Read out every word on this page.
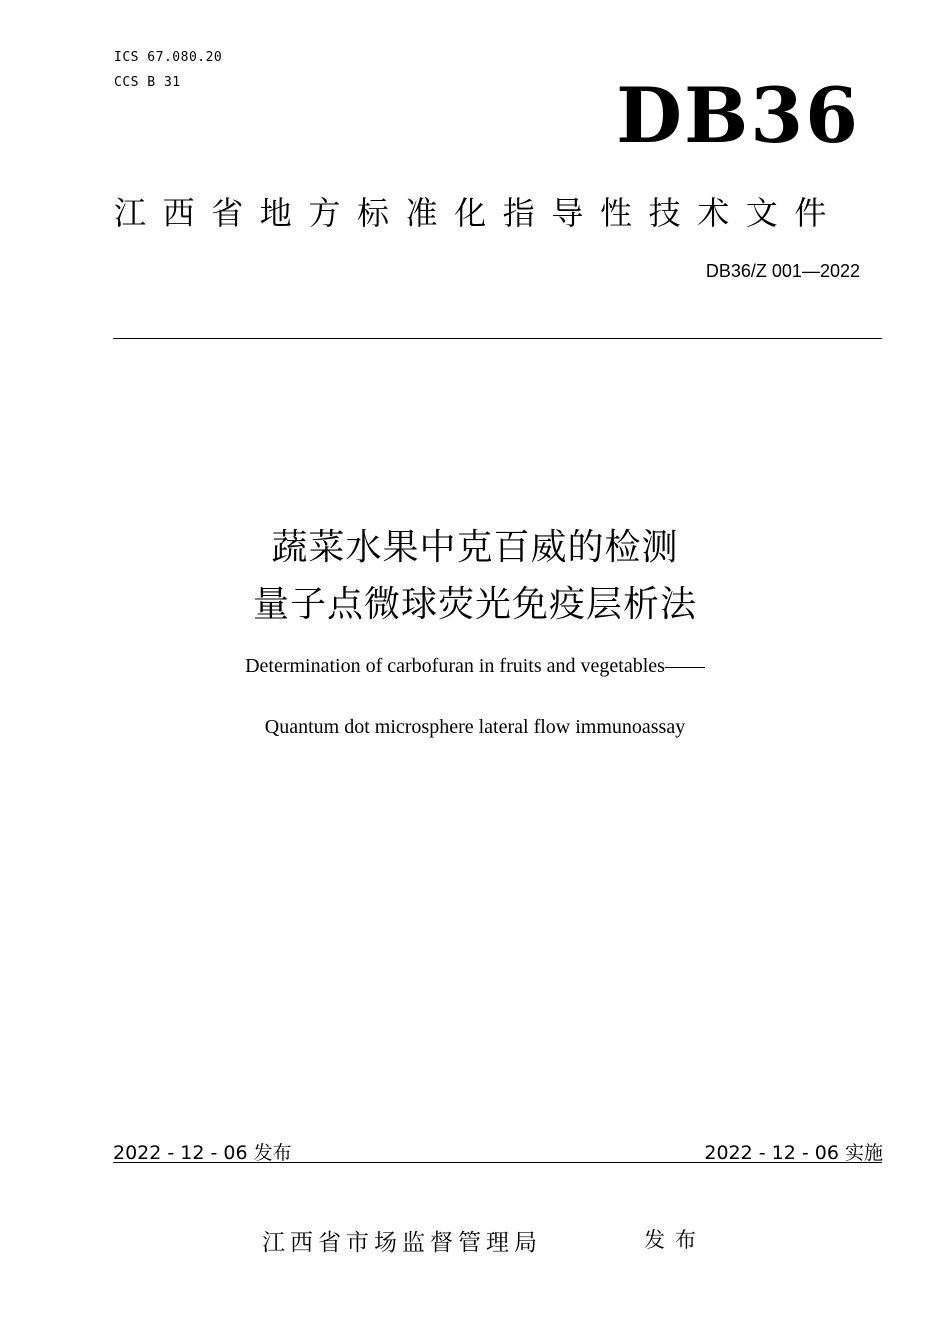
ICS 67.080.20
CCS B 31	DB36
江西省地方标准化指导性技术文件
DB36/Z 001—2022
蔬菜水果中克百威的检测
量子点微球荧光免疫层析法
Determination of carbofuran in fruits and vegetables——
Quantum dot microsphere lateral flow immunoassay
2022 - 12 - 06 发布	2022 - 12 - 06 实施
江西省市场监督管理局	发布
